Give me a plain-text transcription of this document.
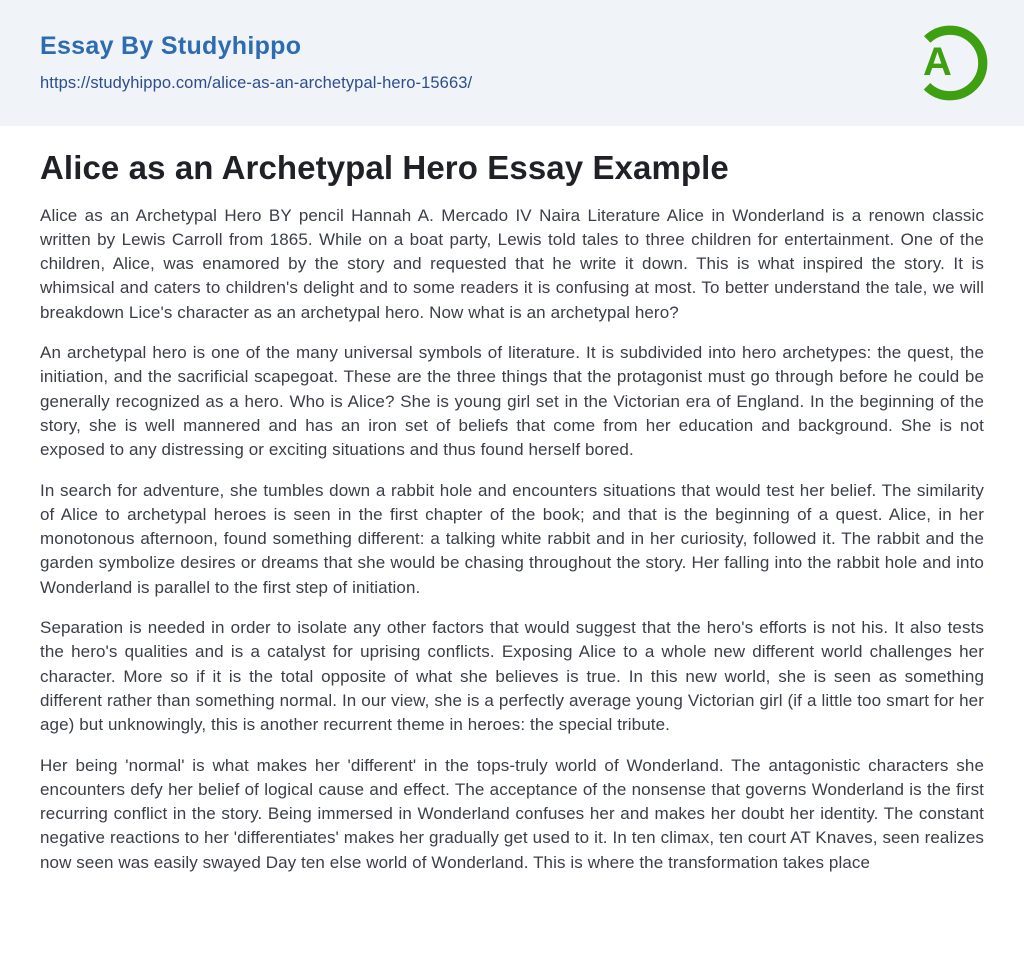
Essay By Studyhippo
https://studyhippo.com/alice-as-an-archetypal-hero-15663/	A
Alice as an Archetypal Hero Essay Example

Alice as an Archetypal Hero BY pencil Hannah A. Mercado IV Naira Literature Alice in Wonderland is a renown classic written by Lewis Carroll from 1865. While on a boat party, Lewis told tales to three children for entertainment. One of the children, Alice, was enamored by the story and requested that he write it down. This is what inspired the story. It is whimsical and caters to children's delight and to some readers it is confusing at most. To better understand the tale, we will breakdown Lice's character as an archetypal hero. Now what is an archetypal hero?

An archetypal hero is one of the many universal symbols of literature. It is subdivided into hero archetypes: the quest, the initiation, and the sacrificial scapegoat. These are the three things that the protagonist must go through before he could be generally recognized as a hero. Who is Alice? She is young girl set in the Victorian era of England. In the beginning of the story, she is well mannered and has an iron set of beliefs that come from her education and background. She is not exposed to any distressing or exciting situations and thus found herself bored.

In search for adventure, she tumbles down a rabbit hole and encounters situations that would test her belief. The similarity of Alice to archetypal heroes is seen in the first chapter of the book; and that is the beginning of a quest. Alice, in her monotonous afternoon, found something different: a talking white rabbit and in her curiosity, followed it. The rabbit and the garden symbolize desires or dreams that she would be chasing throughout the story. Her falling into the rabbit hole and into Wonderland is parallel to the first step of initiation.

Separation is needed in order to isolate any other factors that would suggest that the hero's efforts is not his. It also tests the hero's qualities and is a catalyst for uprising conflicts. Exposing Alice to a whole new different world challenges her character. More so if it is the total opposite of what she believes is true. In this new world, she is seen as something different rather than something normal. In our view, she is a perfectly average young Victorian girl (if a little too smart for her age) but unknowingly, this is another recurrent theme in heroes: the special tribute.

Her being 'normal' is what makes her 'different' in the tops-truly world of Wonderland. The antagonistic characters she encounters defy her belief of logical cause and effect. The acceptance of the nonsense that governs Wonderland is the first recurring conflict in the story. Being immersed in Wonderland confuses her and makes her doubt her identity. The constant negative reactions to her 'differentiates' makes her gradually get used to it. In ten climax, ten court AT Knaves, seen realizes now seen was easily swayed Day ten else world of Wonderland. This is where the transformation takes place
